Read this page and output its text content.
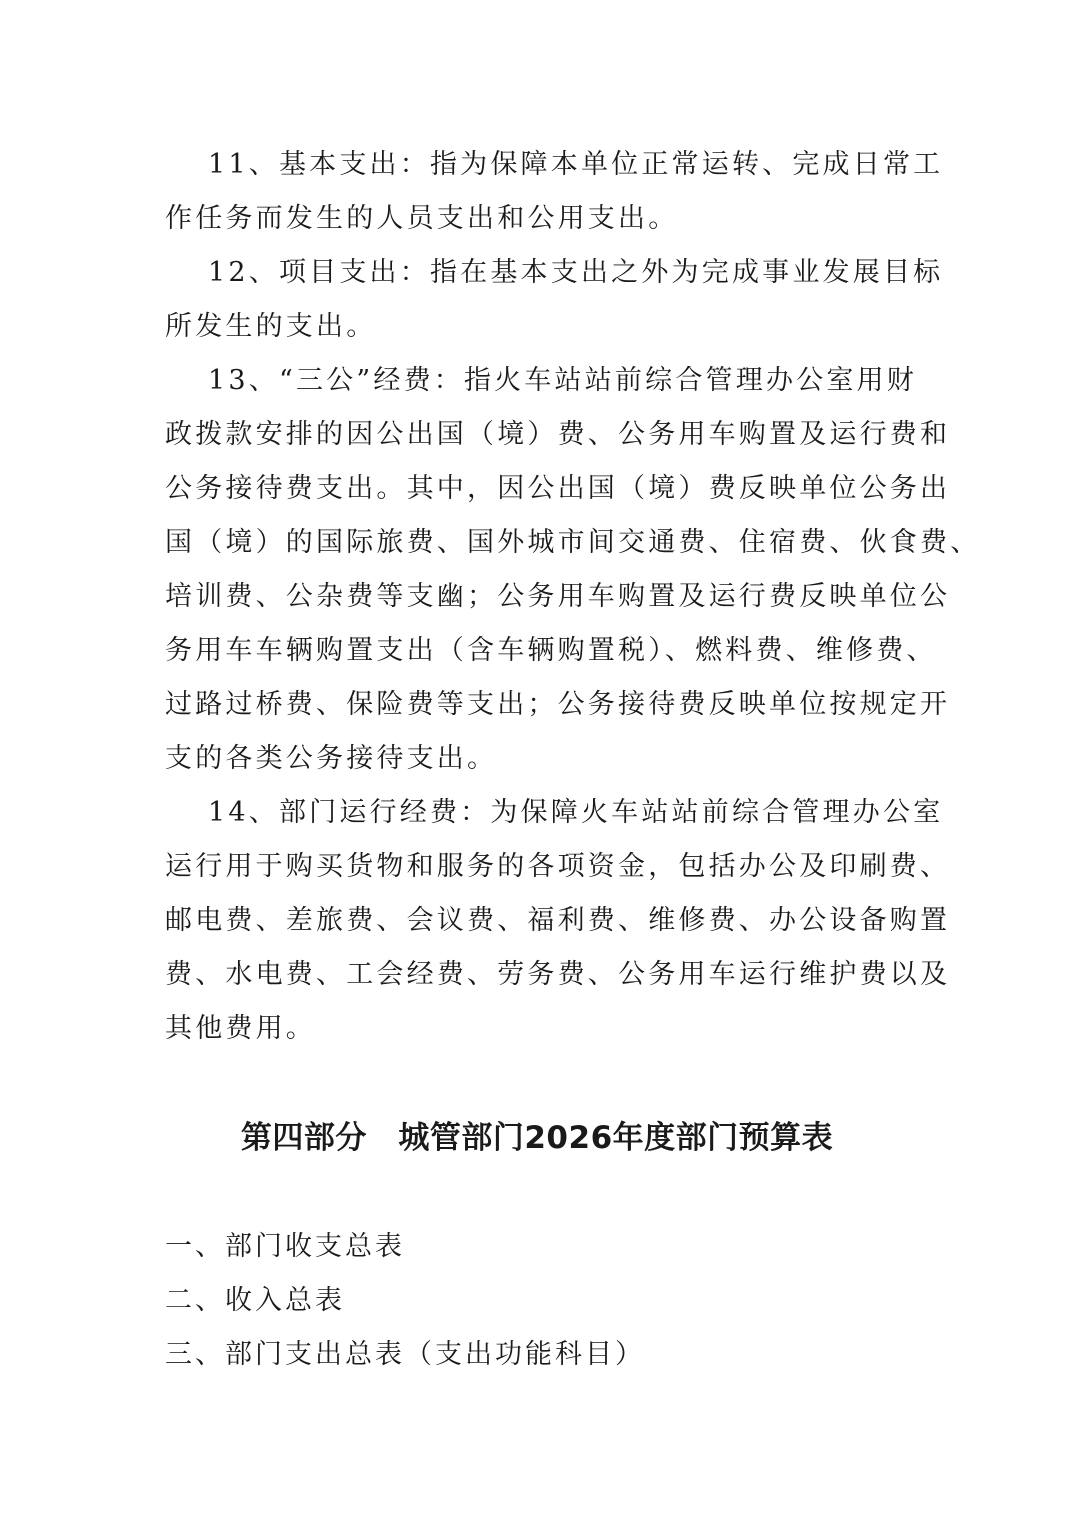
11、基本支出：指为保障本单位正常运转、完成日常工
作任务而发生的人员支出和公用支出。
12、项目支出：指在基本支出之外为完成事业发展目标
所发生的支出。
13、“三公”经费：指火车站站前综合管理办公室用财
政拨款安排的因公出国（境）费、公务用车购置及运行费和
公务接待费支出。其中，因公出国（境）费反映单位公务出
国（境）的国际旅费、国外城市间交通费、住宿费、伙食费、
培训费、公杂费等支幽；公务用车购置及运行费反映单位公
务用车车辆购置支出（含车辆购置税）、燃料费、维修费、
过路过桥费、保险费等支出；公务接待费反映单位按规定开
支的各类公务接待支出。
14、部门运行经费：为保障火车站站前综合管理办公室
运行用于购买货物和服务的各项资金，包括办公及印刷费、
邮电费、差旅费、会议费、福利费、维修费、办公设备购置
费、水电费、工会经费、劳务费、公务用车运行维护费以及
其他费用。
第四部分　城管部门2026年度部门预算表
一、部门收支总表
二、收入总表
三、部门支出总表（支出功能科目）
